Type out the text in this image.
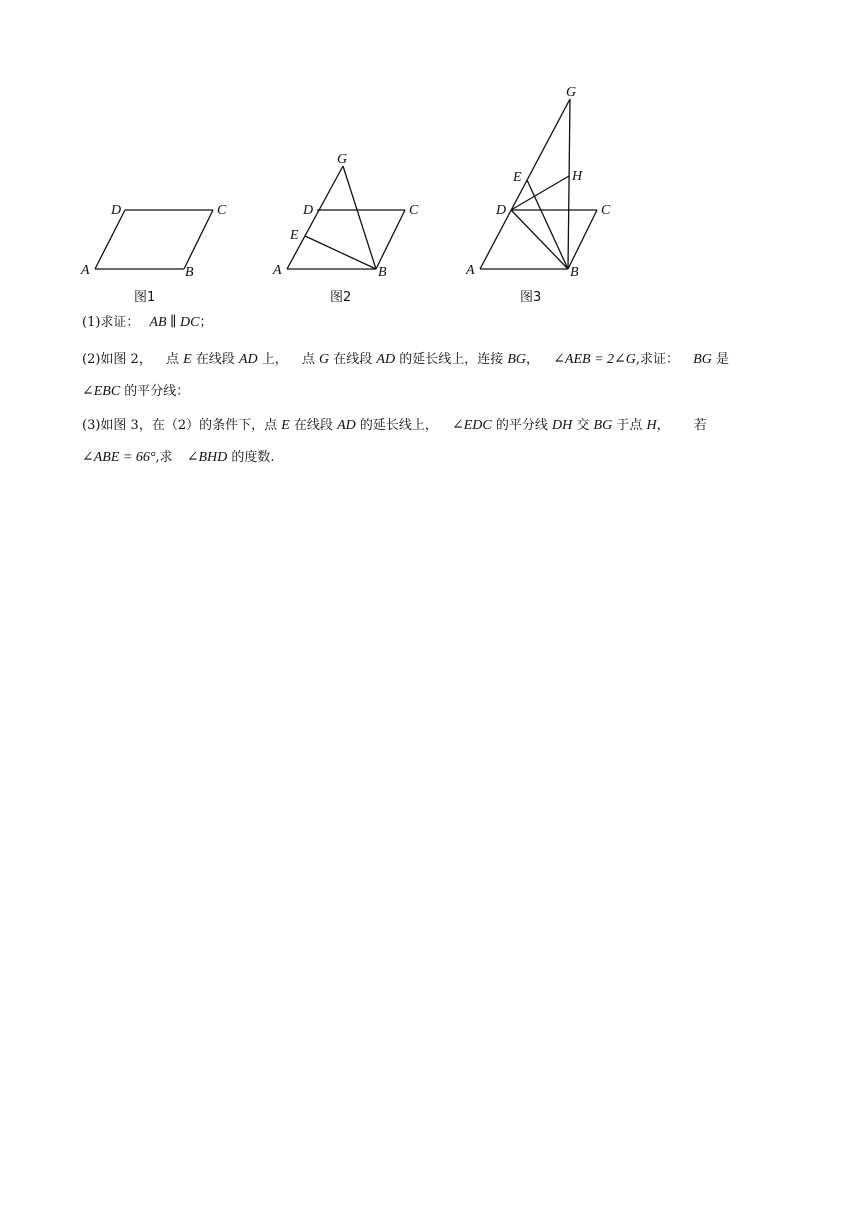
A	B
C
D
图1
A	B
C
D
E
G
图2
A	B
C
D
E
G
H
图3
(1)求证： AB ∥ DC；
(2)如图 2， 点 E 在线段 AD 上， 点 G 在线段 AD 的延长线上，连接 BG， ∠AEB = 2∠G,求证： BG 是
∠EBC 的平分线：
(3)如图 3，在（2）的条件下，点 E 在线段 AD 的延长线上， ∠EDC 的平分线 DH 交 BG 于点 H， 若
∠ABE = 66°,求 ∠BHD 的度数.
